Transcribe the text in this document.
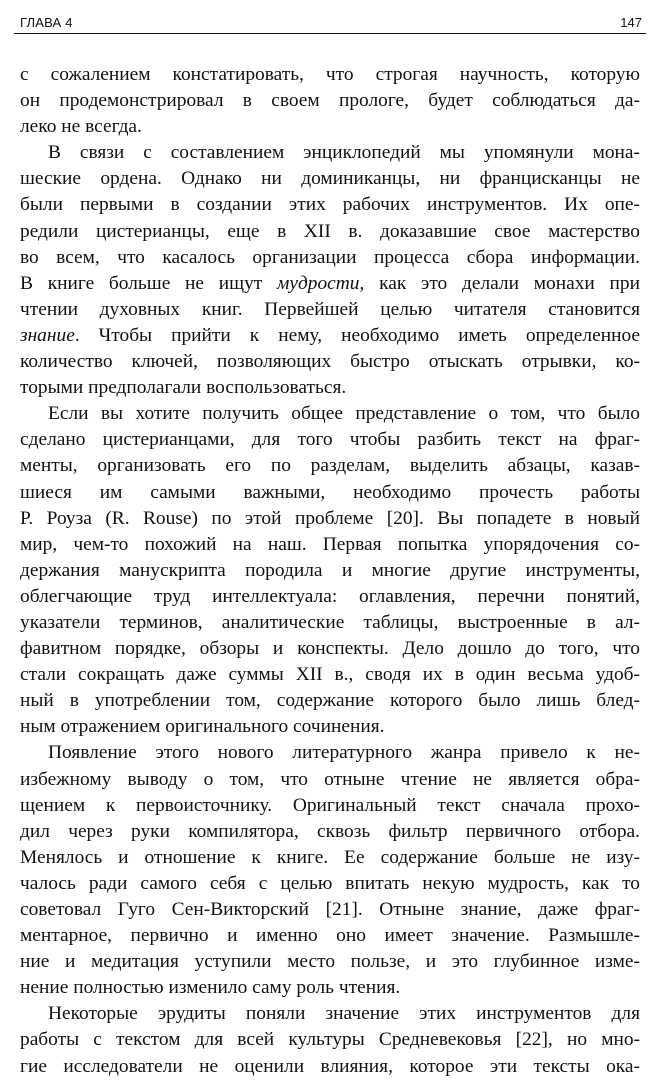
ГЛАВА 4	147
с сожалением констатировать, что строгая научность, которую
он продемонстрировал в своем прологе, будет соблюдаться да-
леко не всегда.
В связи с составлением энциклопедий мы упомянули мона-
шеские ордена. Однако ни доминиканцы, ни францисканцы не
были первыми в создании этих рабочих инструментов. Их опе-
редили цистерианцы, еще в XII в. доказавшие свое мастерство
во всем, что касалось организации процесса сбора информации.
В книге больше не ищут мудрости, как это делали монахи при
чтении духовных книг. Первейшей целью читателя становится
знание. Чтобы прийти к нему, необходимо иметь определенное
количество ключей, позволяющих быстро отыскать отрывки, ко-
торыми предполагали воспользоваться.
Если вы хотите получить общее представление о том, что было
сделано цистерианцами, для того чтобы разбить текст на фраг-
менты, организовать его по разделам, выделить абзацы, казав-
шиеся им самыми важными, необходимо прочесть работы
Р. Роуза (R. Rouse) по этой проблеме [20]. Вы попадете в новый
мир, чем-то похожий на наш. Первая попытка упорядочения со-
держания манускрипта породила и многие другие инструменты,
облегчающие труд интеллектуала: оглавления, перечни понятий,
указатели терминов, аналитические таблицы, выстроенные в ал-
фавитном порядке, обзоры и конспекты. Дело дошло до того, что
стали сокращать даже суммы XII в., сводя их в один весьма удоб-
ный в употреблении том, содержание которого было лишь блед-
ным отражением оригинального сочинения.
Появление этого нового литературного жанра привело к не-
избежному выводу о том, что отныне чтение не является обра-
щением к первоисточнику. Оригинальный текст сначала прохо-
дил через руки компилятора, сквозь фильтр первичного отбора.
Менялось и отношение к книге. Ее содержание больше не изу-
чалось ради самого себя с целью впитать некую мудрость, как то
советовал Гуго Сен-Викторский [21]. Отныне знание, даже фраг-
ментарное, первично и именно оно имеет значение. Размышле-
ние и медитация уступили место пользе, и это глубинное изме-
нение полностью изменило саму роль чтения.
Некоторые эрудиты поняли значение этих инструментов для
работы с текстом для всей культуры Средневековья [22], но мно-
гие исследователи не оценили влияния, которое эти тексты ока-
